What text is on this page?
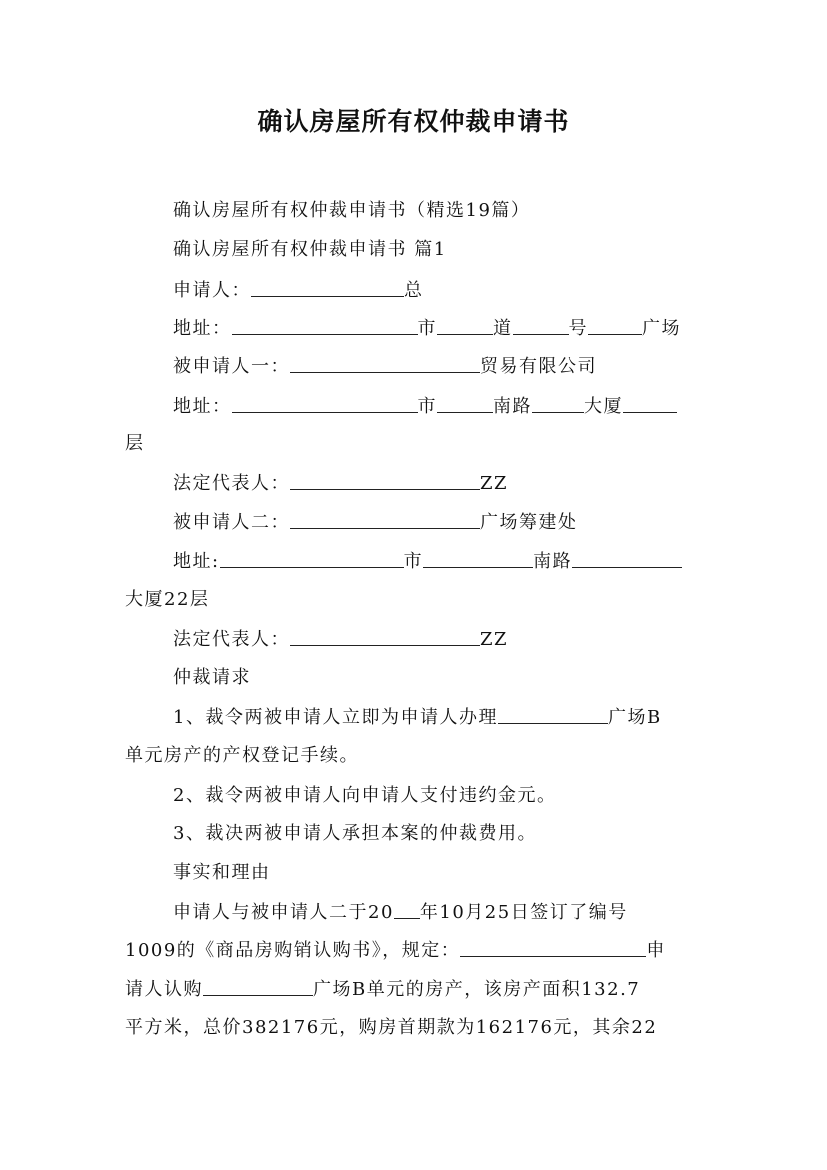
确认房屋所有权仲裁申请书
确认房屋所有权仲裁申请书（精选19篇）
确认房屋所有权仲裁申请书 篇1
申请人：	总
地址：	市	道	号	广场
被申请人一：	贸易有限公司
地址：	市	南路	大厦
层
法定代表人：	ZZ
被申请人二：	广场筹建处
地址:	市	南路
大厦22层
法定代表人：	ZZ
仲裁请求
1、裁令两被申请人立即为申请人办理	广场B
单元房产的产权登记手续。
2、裁令两被申请人向申请人支付违约金元。
3、裁决两被申请人承担本案的仲裁费用。
事实和理由
申请人与被申请人二于20 年10月25日签订了编号
1009的《商品房购销认购书》，规定：	申
请人认购	广场B单元的房产，该房产面积132.7
平方米，总价382176元，购房首期款为162176元，其余22
